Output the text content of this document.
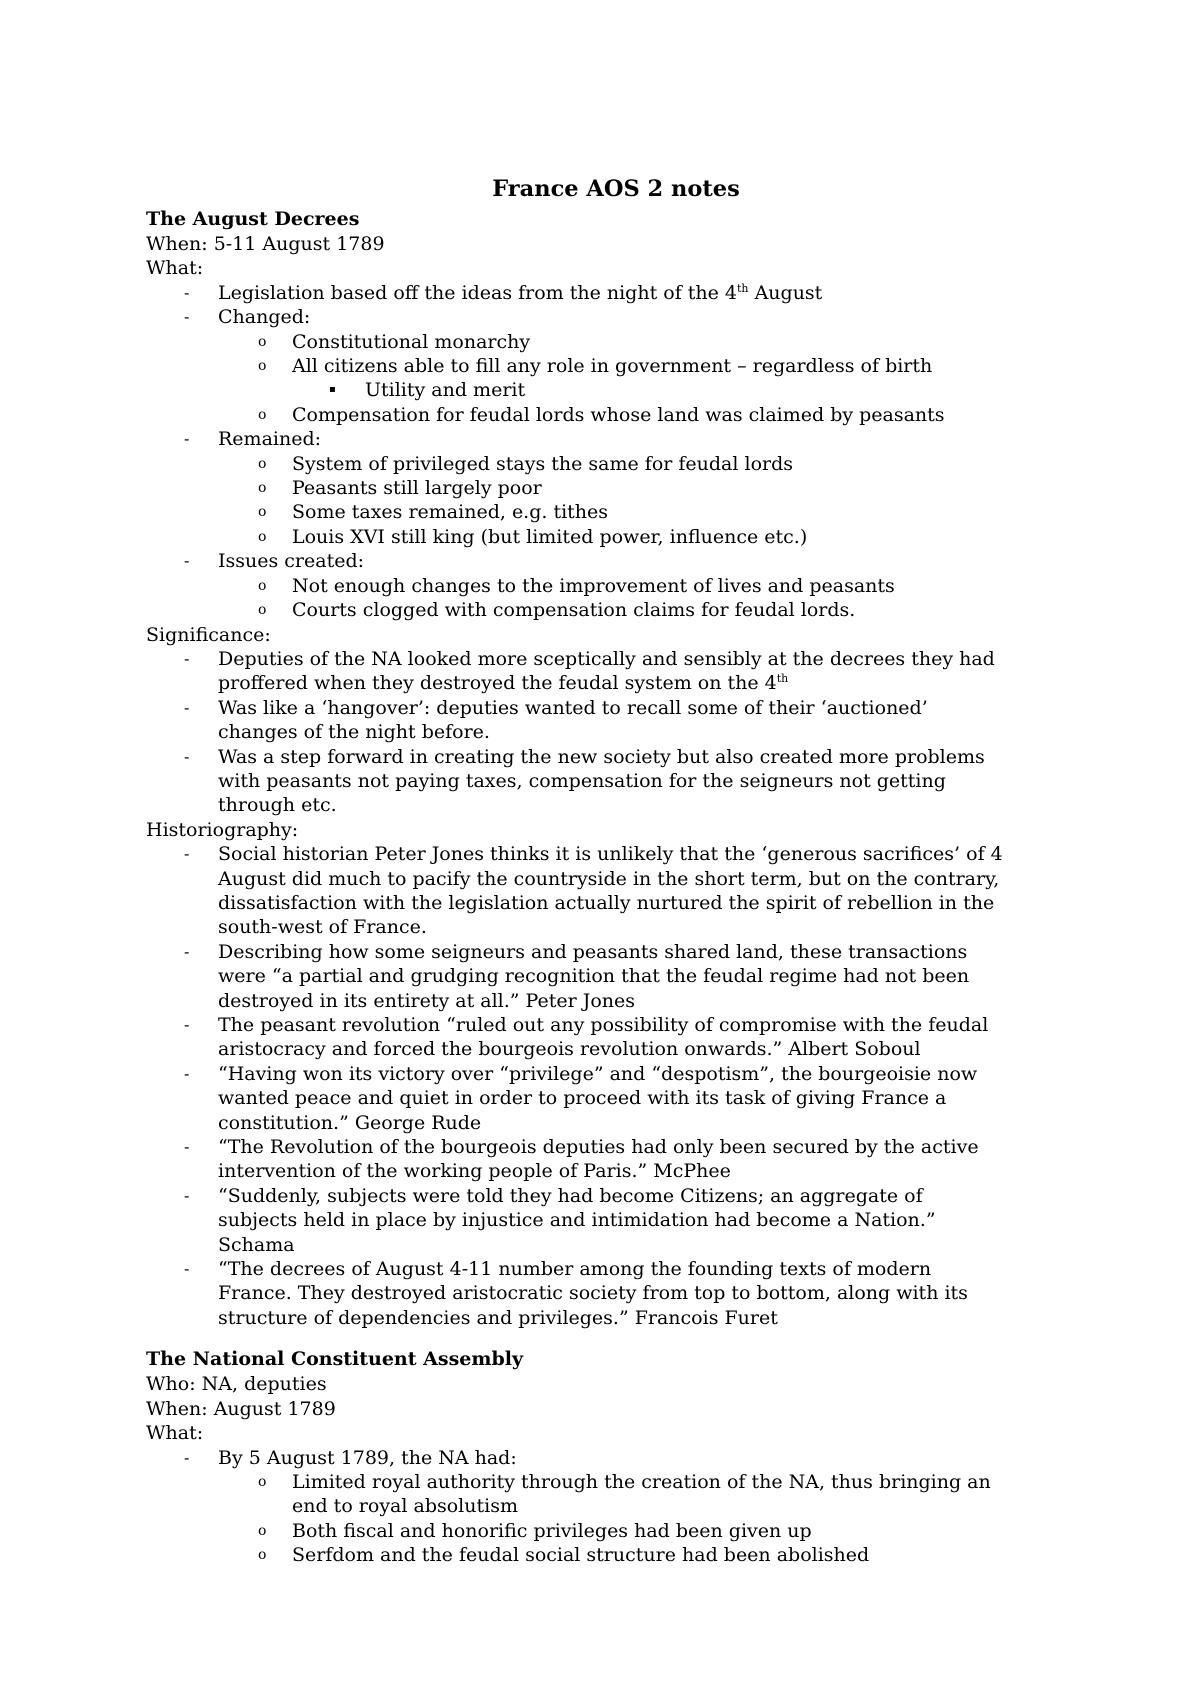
France AOS 2 notes
The August Decrees
When: 5-11 August 1789
What:
- Legislation based off the ideas from the night of the 4th August
- Changed:
o Constitutional monarchy
o All citizens able to fill any role in government – regardless of birth
▪ Utility and merit
o Compensation for feudal lords whose land was claimed by peasants
- Remained:
o System of privileged stays the same for feudal lords
o Peasants still largely poor
o Some taxes remained, e.g. tithes
o Louis XVI still king (but limited power, influence etc.)
- Issues created:
o Not enough changes to the improvement of lives and peasants
o Courts clogged with compensation claims for feudal lords.
Significance:
- Deputies of the NA looked more sceptically and sensibly at the decrees they had
proffered when they destroyed the feudal system on the 4th
- Was like a ‘hangover’: deputies wanted to recall some of their ‘auctioned’
changes of the night before.
- Was a step forward in creating the new society but also created more problems
with peasants not paying taxes, compensation for the seigneurs not getting
through etc.
Historiography:
- Social historian Peter Jones thinks it is unlikely that the ‘generous sacrifices’ of 4
August did much to pacify the countryside in the short term, but on the contrary,
dissatisfaction with the legislation actually nurtured the spirit of rebellion in the
south-west of France.
- Describing how some seigneurs and peasants shared land, these transactions
were “a partial and grudging recognition that the feudal regime had not been
destroyed in its entirety at all.” Peter Jones
- The peasant revolution “ruled out any possibility of compromise with the feudal
aristocracy and forced the bourgeois revolution onwards.” Albert Soboul
- “Having won its victory over “privilege” and “despotism”, the bourgeoisie now
wanted peace and quiet in order to proceed with its task of giving France a
constitution.” George Rude
- “The Revolution of the bourgeois deputies had only been secured by the active
intervention of the working people of Paris.” McPhee
- “Suddenly, subjects were told they had become Citizens; an aggregate of
subjects held in place by injustice and intimidation had become a Nation.”
Schama
- “The decrees of August 4-11 number among the founding texts of modern
France. They destroyed aristocratic society from top to bottom, along with its
structure of dependencies and privileges.” Francois Furet
The National Constituent Assembly
Who: NA, deputies
When: August 1789
What:
- By 5 August 1789, the NA had:
o Limited royal authority through the creation of the NA, thus bringing an
end to royal absolutism
o Both fiscal and honorific privileges had been given up
o Serfdom and the feudal social structure had been abolished
